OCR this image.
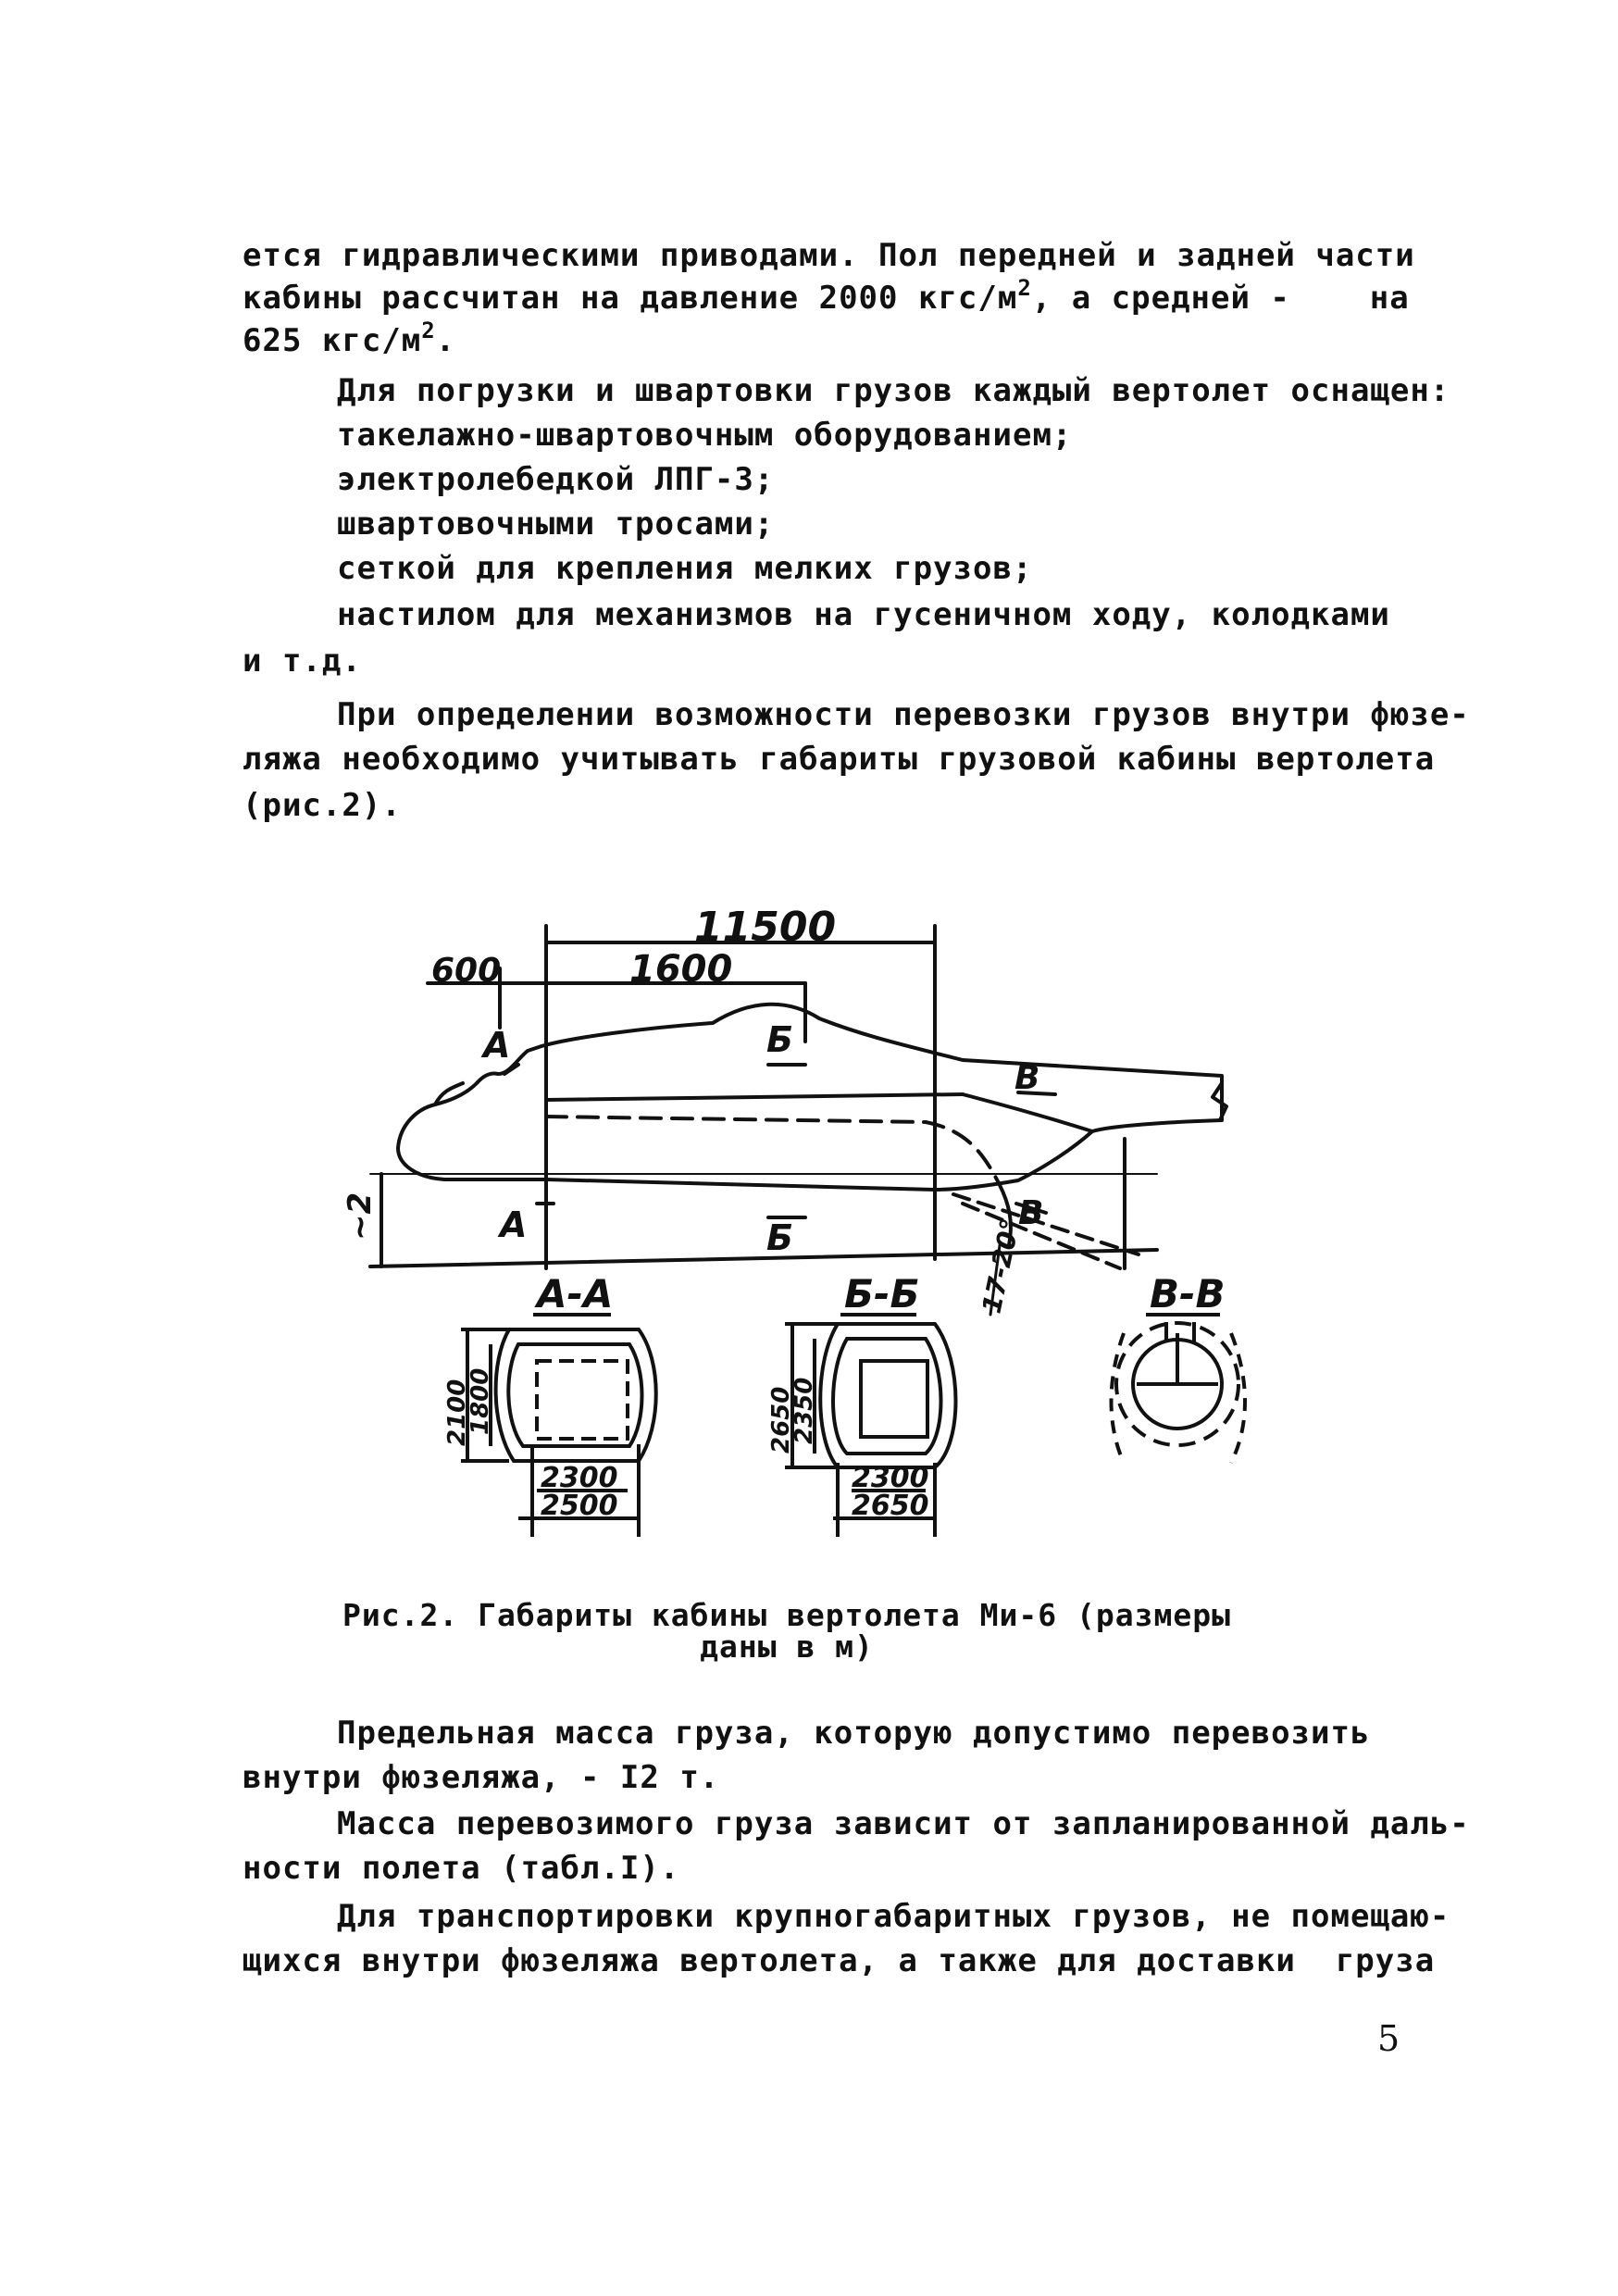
ется гидравлическими приводами. Пол передней и задней части
кабины рассчитан на давление 2000 кгс/$м^2$, а средней -    на
625 кгс/$м^2$.
Для погрузки и швартовки грузов каждый вертолет оснащен:
такелажно-швартовочным оборудованием;
электролебедкой ЛПГ-3;
швартовочными тросами;
сеткой для крепления мелких грузов;
настилом для механизмов на гусеничном ходу, колодками
и т.д.
При определении возможности перевозки грузов внутри фюзе-
ляжа необходимо учитывать габариты грузовой кабины вертолета
(рис.2).
11500
1600
600
А
А
Б
Б
В
В
~2	17-20°
А-А	Б-Б	В-В
2100
1800
2300
2500
2650
2350
2300
2650
Рис.2. Габариты кабины вертолета Ми-6 (размеры
даны в м)
Предельная масса груза, которую допустимо перевозить
внутри фюзеляжа, - I2 т.
Масса перевозимого груза зависит от запланированной даль-
ности полета (табл.I).
Для транспортировки крупногабаритных грузов, не помещаю-
щихся внутри фюзеляжа вертолета, а также для доставки  груза
5
